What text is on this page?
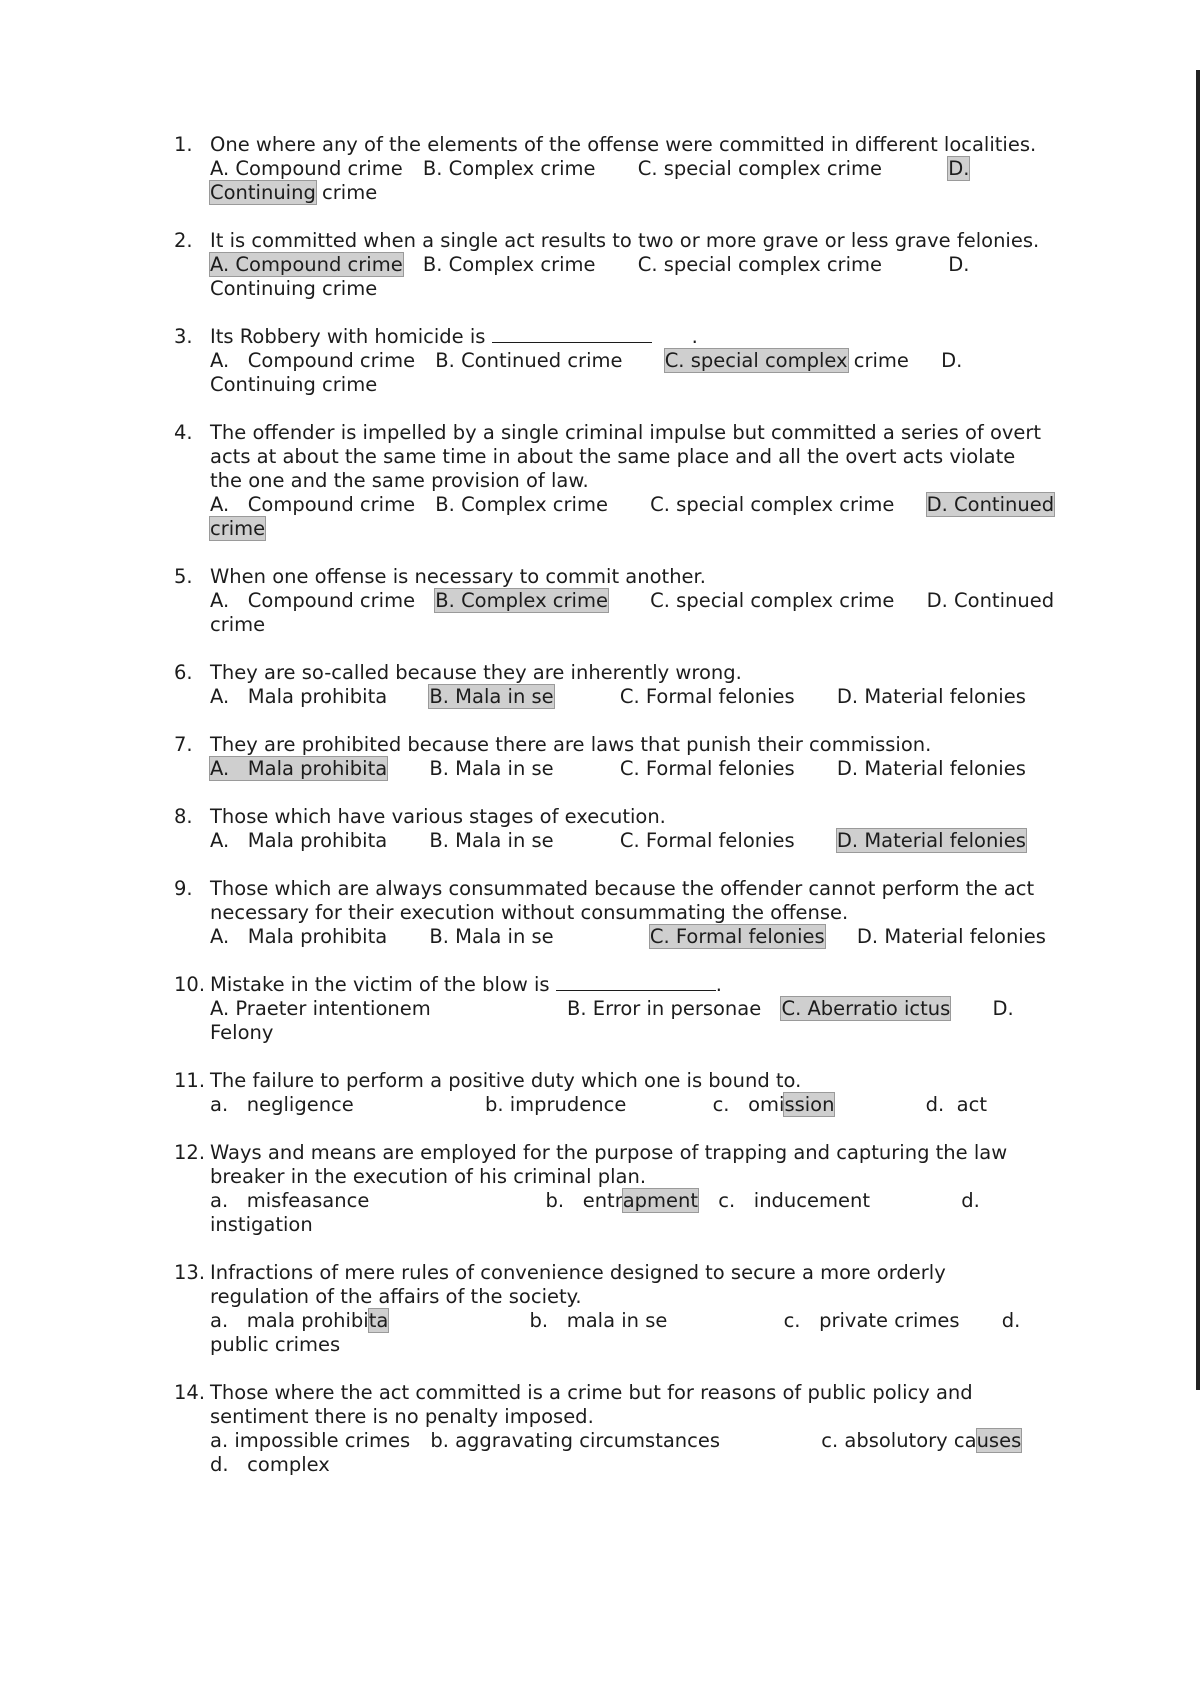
1. One where any of the elements of the offense were committed in different localities.
A. Compound crime B. Complex crime C. special complex crime	D.
Continuing crime
2. It is committed when a single act results to two or more grave or less grave felonies.
A. Compound crime B. Complex crime C. special complex crime	D.
Continuing crime
3. Its Robbery with homicide is	.
A.   Compound crime B. Continued crime C. special complex crime D.
Continuing crime
4. The offender is impelled by a single criminal impulse but committed a series of overt acts at about the same time in about the same place and all the overt acts violate the one and the same provision of law.
A.   Compound crime B. Complex crime C. special complex crime D. Continued
crime
5. When one offense is necessary to commit another.
A.   Compound crime B. Complex crime C. special complex crime D. Continued
crime
6. They are so-called because they are inherently wrong.
A.   Mala prohibita B. Mala in se	C. Formal felonies D. Material felonies
7. They are prohibited because there are laws that punish their commission.
A.   Mala prohibita B. Mala in se	C. Formal felonies D. Material felonies
8. Those which have various stages of execution.
A.   Mala prohibita B. Mala in se	C. Formal felonies D. Material felonies
9. Those which are always consummated because the offender cannot perform the act necessary for their execution without consummating the offense.
A.   Mala prohibita B. Mala in se	C. Formal felonies D. Material felonies
10. Mistake in the victim of the blow is	.
A. Praeter intentionem	B. Error in personae C. Aberratio ictus D.
Felony
11. The failure to perform a positive duty which one is bound to.
a.   negligence	b. imprudence	c.   omission	d.  act
12. Ways and means are employed for the purpose of trapping and capturing the law breaker in the execution of his criminal plan.
a.   misfeasance	b.   entrapment c.   inducement	d.
instigation
13. Infractions of mere rules of convenience designed to secure a more orderly regulation of the affairs of the society.
a.   mala prohibita	b.   mala in se	c.   private crimes d.
public crimes
14. Those where the act committed is a crime but for reasons of public policy and sentiment there is no penalty imposed.
a. impossible crimes b. aggravating circumstances	c. absolutory causes
d.   complex
